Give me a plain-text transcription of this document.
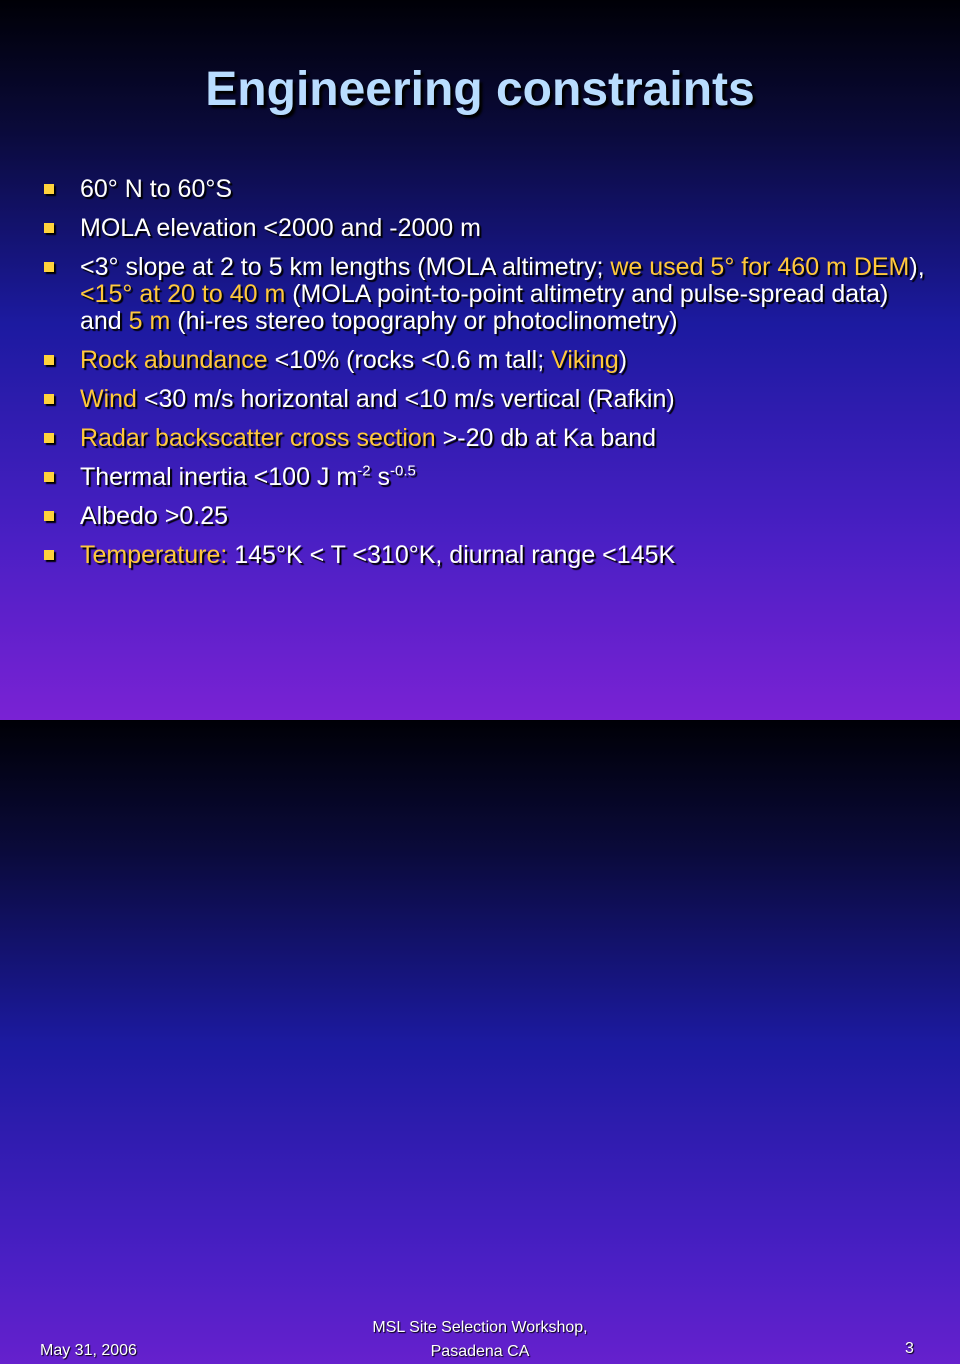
Engineering constraints
60° N to 60°S
MOLA elevation <2000 and -2000 m
<3° slope at 2 to 5 km lengths (MOLA altimetry; we used 5° for 460 m DEM), <15° at 20 to 40 m (MOLA point-to-point altimetry and pulse-spread data) and 5 m (hi-res stereo topography or photoclinometry)
Rock abundance <10% (rocks <0.6 m tall; Viking)
Wind <30 m/s horizontal and <10 m/s vertical (Rafkin)
Radar backscatter cross section >-20 db at Ka band
Thermal inertia <100 J $m^{-2}$ $s^{-0.5}$
Albedo >0.25
Temperature: 145°K < T <310°K, diurnal range <145K
May 31, 2006
MSL Site Selection Workshop,
Pasadena CA	3
